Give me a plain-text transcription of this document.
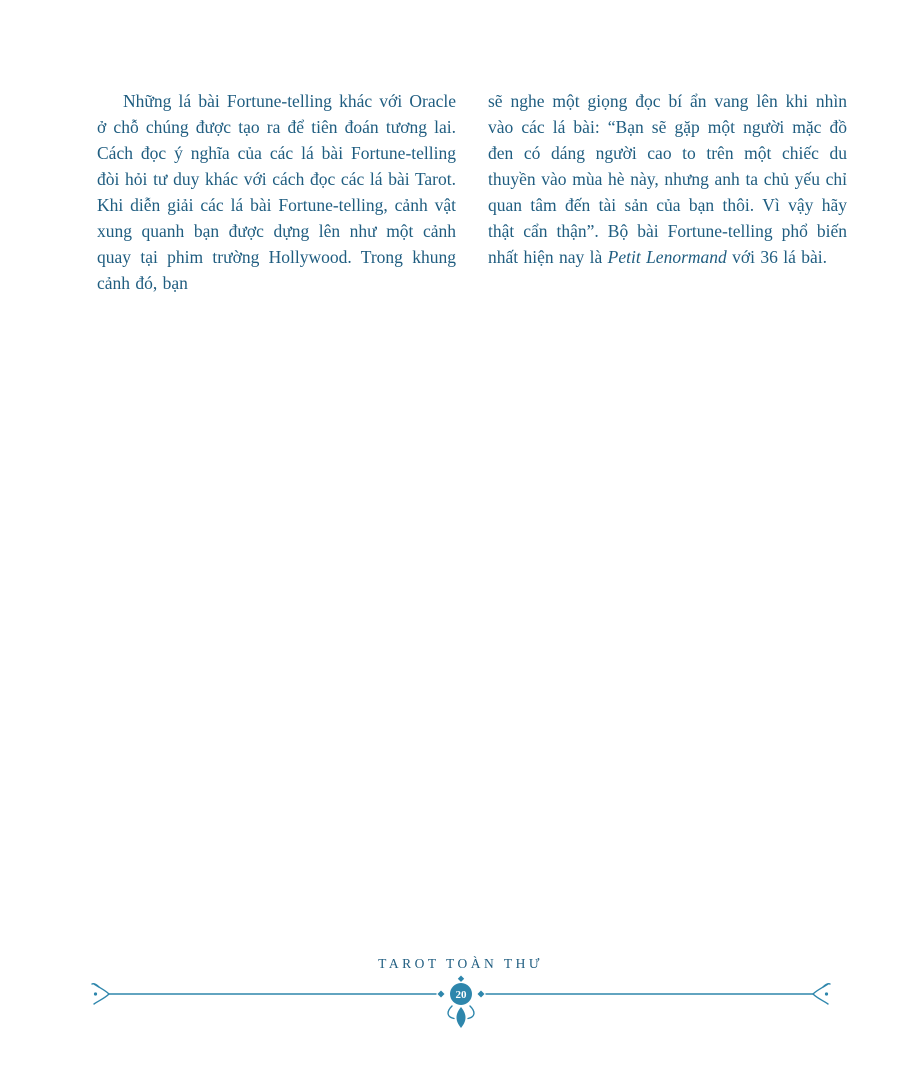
Những lá bài Fortune-telling khác với Oracle ở chỗ chúng được tạo ra để tiên đoán tương lai. Cách đọc ý nghĩa của các lá bài Fortune-telling đòi hỏi tư duy khác với cách đọc các lá bài Tarot. Khi diễn giải các lá bài Fortune-telling, cảnh vật xung quanh bạn được dựng lên như một cảnh quay tại phim trường Hollywood. Trong khung cảnh đó, bạn

sẽ nghe một giọng đọc bí ẩn vang lên khi nhìn vào các lá bài: “Bạn sẽ gặp một người mặc đồ đen có dáng người cao to trên một chiếc du thuyền vào mùa hè này, nhưng anh ta chủ yếu chỉ quan tâm đến tài sản của bạn thôi. Vì vậy hãy thật cẩn thận”. Bộ bài Fortune-telling phổ biến nhất hiện nay là Petit Lenormand với 36 lá bài.

TAROT TOÀN THƯ
20
